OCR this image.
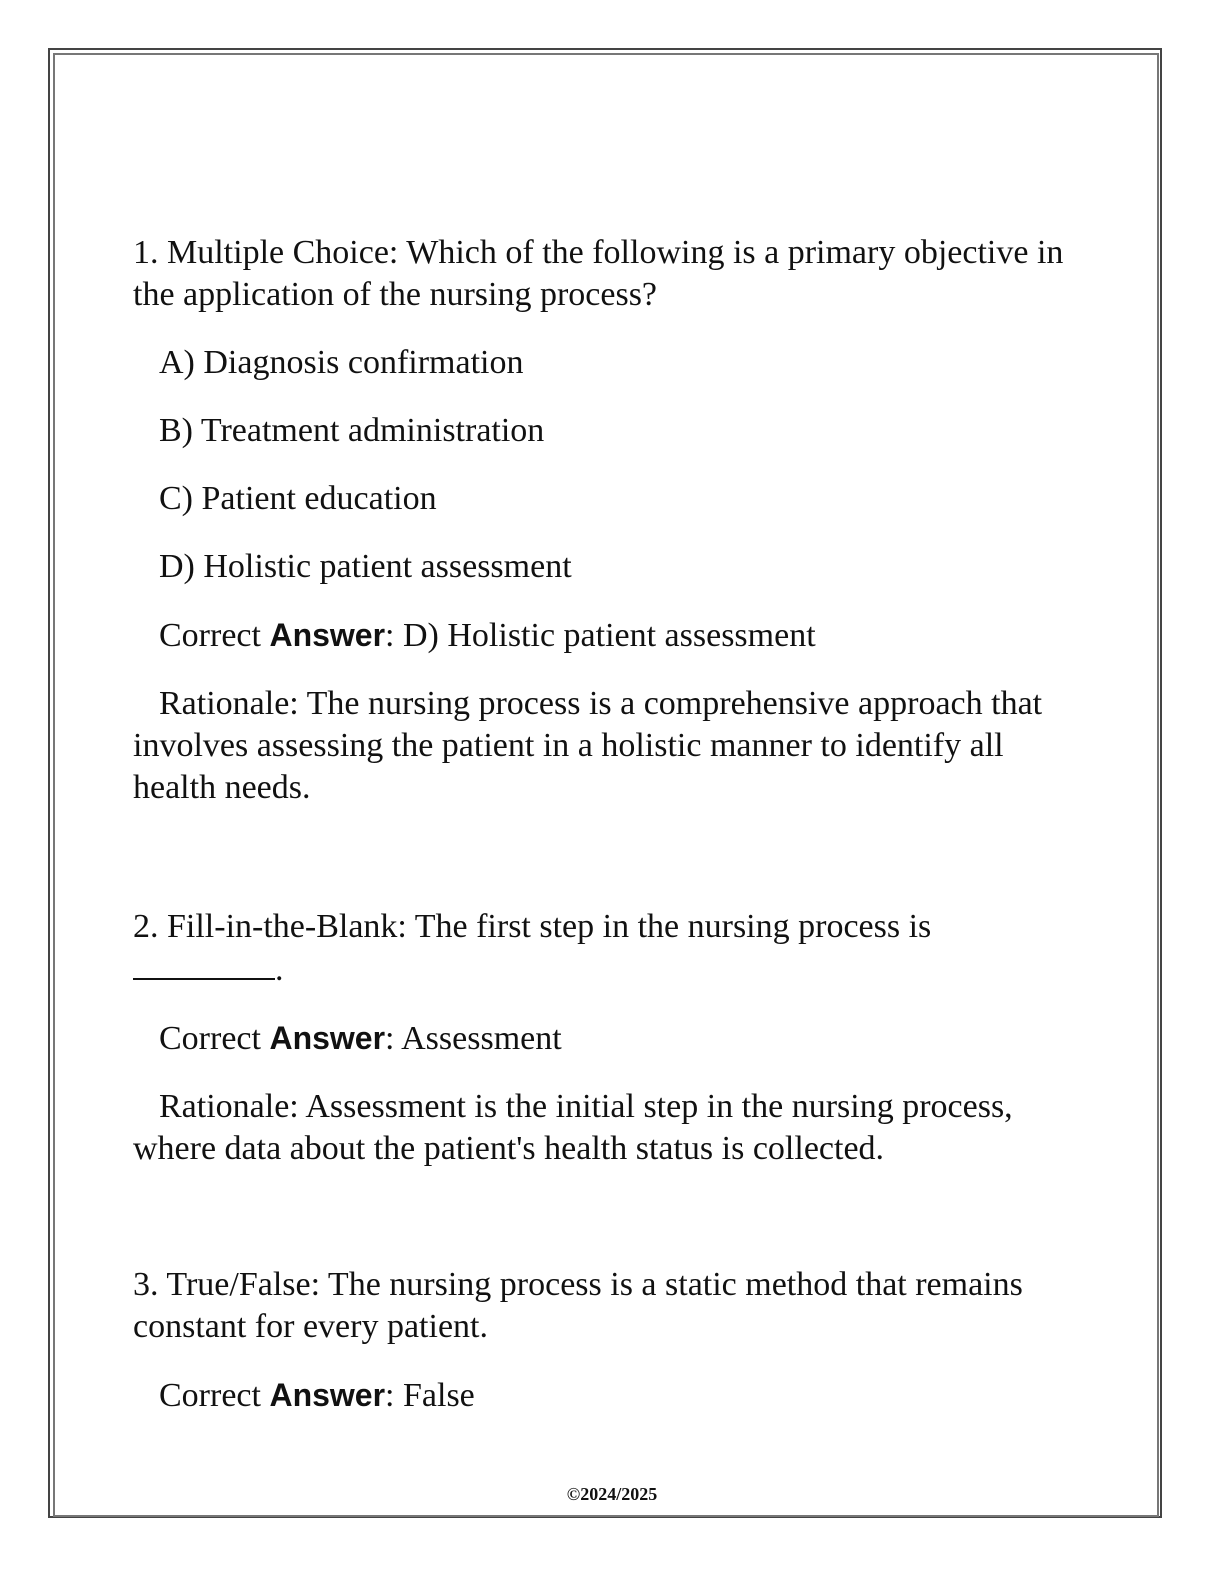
1. Multiple Choice: Which of the following is a primary objective in the application of the nursing process?

A) Diagnosis confirmation

B) Treatment administration

C) Patient education

D) Holistic patient assessment

Correct Answer: D) Holistic patient assessment

Rationale: The nursing process is a comprehensive approach that involves assessing the patient in a holistic manner to identify all health needs.

2. Fill-in-the-Blank: The first step in the nursing process is
.

Correct Answer: Assessment

Rationale: Assessment is the initial step in the nursing process, where data about the patient's health status is collected.

3. True/False: The nursing process is a static method that remains constant for every patient.

Correct Answer: False

©2024/2025
